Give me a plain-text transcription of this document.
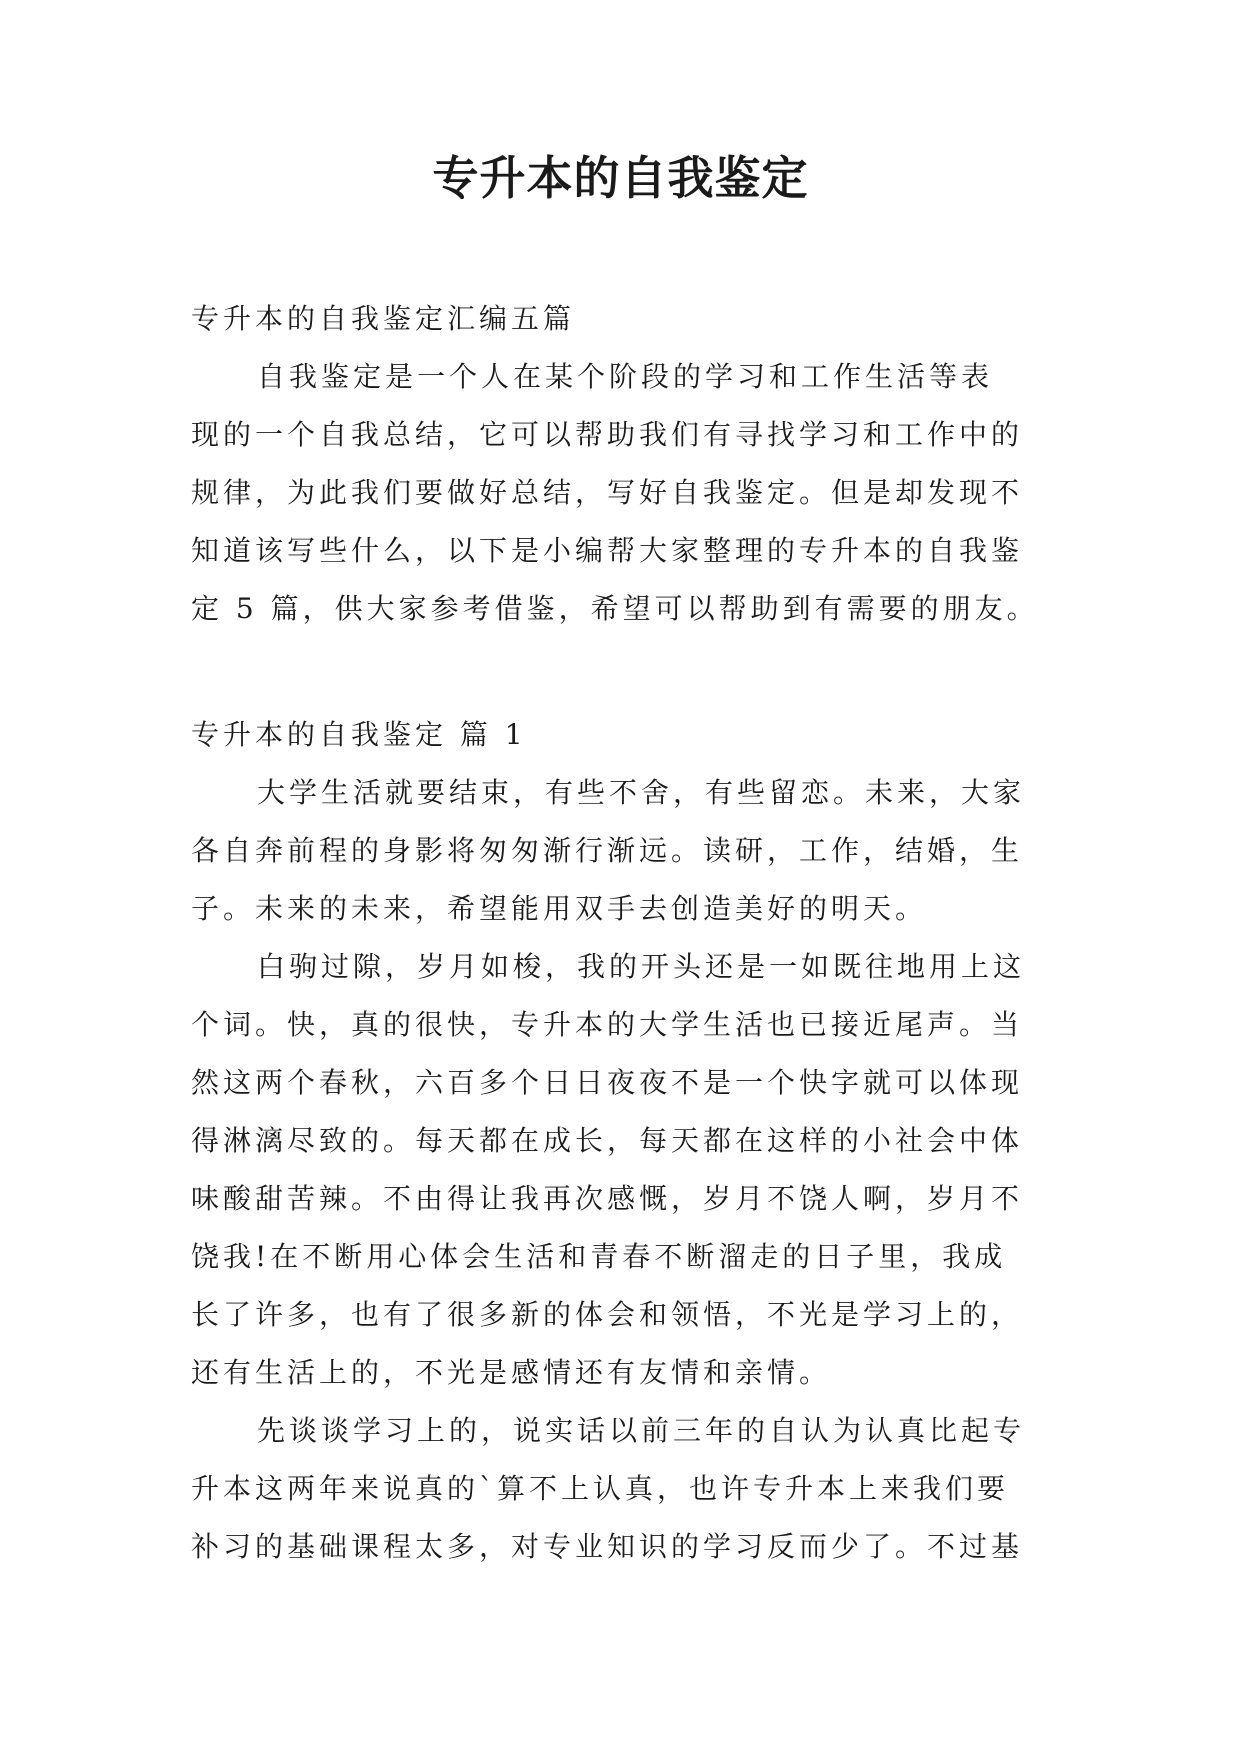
专升本的自我鉴定
专升本的自我鉴定汇编五篇
自我鉴定是一个人在某个阶段的学习和工作生活等表
现的一个自我总结，它可以帮助我们有寻找学习和工作中的
规律，为此我们要做好总结，写好自我鉴定。但是却发现不
知道该写些什么，以下是小编帮大家整理的专升本的自我鉴
定 5 篇，供大家参考借鉴，希望可以帮助到有需要的朋友。
专升本的自我鉴定 篇 1
大学生活就要结束，有些不舍，有些留恋。未来，大家
各自奔前程的身影将匆匆渐行渐远。读研，工作，结婚，生
子。未来的未来，希望能用双手去创造美好的明天。
白驹过隙，岁月如梭，我的开头还是一如既往地用上这
个词。快，真的很快，专升本的大学生活也已接近尾声。当
然这两个春秋，六百多个日日夜夜不是一个快字就可以体现
得淋漓尽致的。每天都在成长，每天都在这样的小社会中体
味酸甜苦辣。不由得让我再次感慨，岁月不饶人啊，岁月不
饶我!在不断用心体会生活和青春不断溜走的日子里，我成
长了许多，也有了很多新的体会和领悟，不光是学习上的，
还有生活上的，不光是感情还有友情和亲情。
先谈谈学习上的，说实话以前三年的自认为认真比起专
升本这两年来说真的`算不上认真，也许专升本上来我们要
补习的基础课程太多，对专业知识的学习反而少了。不过基
